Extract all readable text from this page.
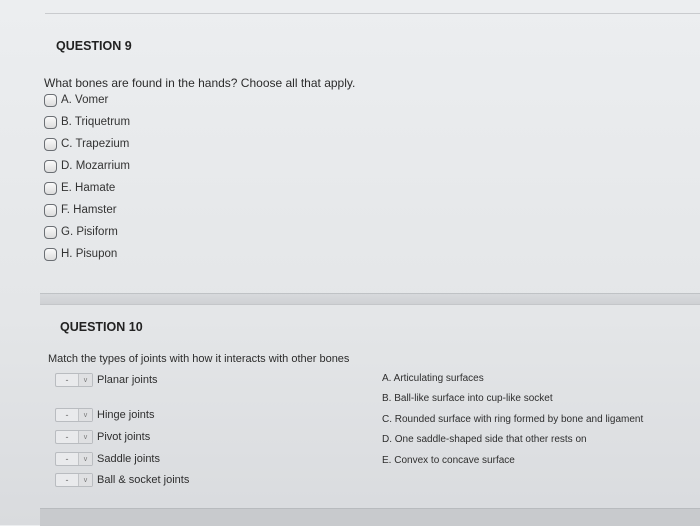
QUESTION 9
What bones are found in the hands? Choose all that apply.
A. Vomer
B. Triquetrum
C. Trapezium
D. Mozarrium
E. Hamate
F. Hamster
G. Pisiform
H. Pisupon
QUESTION 10
Match the types of joints with how it interacts with other bones
-	v Planar joints
-	v Hinge joints
-	v Pivot joints
-	v Saddle joints
-	v Ball & socket joints
A. Articulating surfaces
B. Ball-like surface into cup-like socket
C. Rounded surface with ring formed by bone and ligament
D. One saddle-shaped side that other rests on
E. Convex to concave surface
